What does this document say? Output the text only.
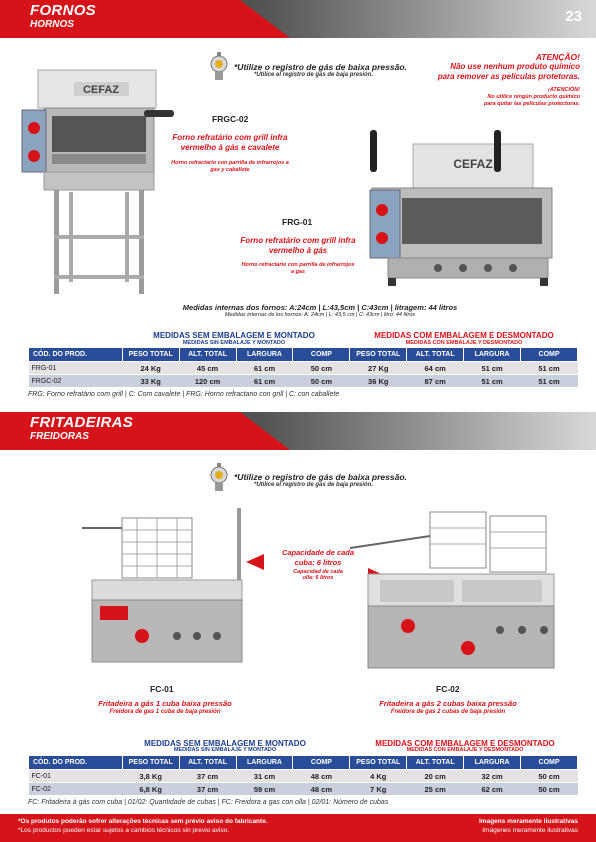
FORNOS
HORNOS	23
*Utilize o registro de gás de baixa pressão.
*Utilice el registro de gas de baja presión.
ATENÇÃO!
Não use nenhum produto químico
para remover as películas protetoras.
¡ATENCIÓN!
No utilice ningún producto químico
para quitar las películas protectoras.
CEFAZ
FRGC-02
Forno refratário com grill infra
vermelho à gás e cavalete
Horno refractario con parrilla de infrarrojos a
gas y caballete	CEFAZ
FRG-01
Forno refratário com grill infra
vermelho à gás
Horno refractario con parrilla de infrarrojos
a gas
Medidas internas dos fornos: A:24cm | L:43,5cm | C:43cm | litragem: 44 litros
Medidas internas de los hornos: A: 24cm | L: 43,5 cm | C: 43cm | litro: 44 litros
MEDIDAS SEM EMBALAGEM E MONTADO
MEDIDAS SIN EMBALAJE Y MONTADO
MEDIDAS COM EMBALAGEM E DESMONTADO
MEDIDAS CON EMBALAJE Y DESMONTADO
CÓD. DO PROD.	PESO TOTAL	ALT. TOTAL	LARGURA	COMP	PESO TOTAL	ALT. TOTAL	LARGURA	COMP
FRG-01	24 Kg	45 cm	61 cm	50 cm	27 Kg	64 cm	51 cm	51 cm
FRGC-02	33 Kg	120 cm	61 cm	50 cm	36 Kg	87 cm	51 cm	51 cm
FRG: Forno refratário com grill | C: Com cavalete | FRG: Horno refractario con grill | C: con caballete
FRITADEIRAS
FREIDORAS
*Utilize o registro de gás de baixa pressão.
*Utilice el registro de gas de baja presión.
Capacidade de cada
cuba: 6 litros
Capacidad de cada
olla: 6 litros
FC-01
Fritadeira a gás 1 cuba baixa pressão
Freidora de gas 1 cuba de baja presión
FC-02
Fritadeira a gás 2 cubas baixa pressão
Freidora de gas 2 cubas de baja presión
MEDIDAS SEM EMBALAGEM E MONTADO
MEDIDAS SIN EMBALAJE Y MONTADO
MEDIDAS COM EMBALAGEM E DESMONTADO
MEDIDAS CON EMBALAJE Y DESMONTADO
CÓD. DO PROD.	PESO TOTAL	ALT. TOTAL	LARGURA	COMP	PESO TOTAL	ALT. TOTAL	LARGURA	COMP
FC-01	3,8 Kg	37 cm	31 cm	48 cm	4 Kg	20 cm	32 cm	50 cm
FC-02	6,8 Kg	37 cm	59 cm	48 cm	7 Kg	25 cm	62 cm	50 cm
FC: Fritadeira à gás com cuba | 01/02: Quantidade de cubas | FC: Freidora a gas con olla | 02/01: Número de cubas
*Os produtos poderão sofrer alterações técnicas sem prévio aviso do fabricante.
*Los productos pueden estar sujetos a cambios técnicos sin previo aviso.
Imagens meramente ilustrativas
Imágenes meramente ilustrativas
